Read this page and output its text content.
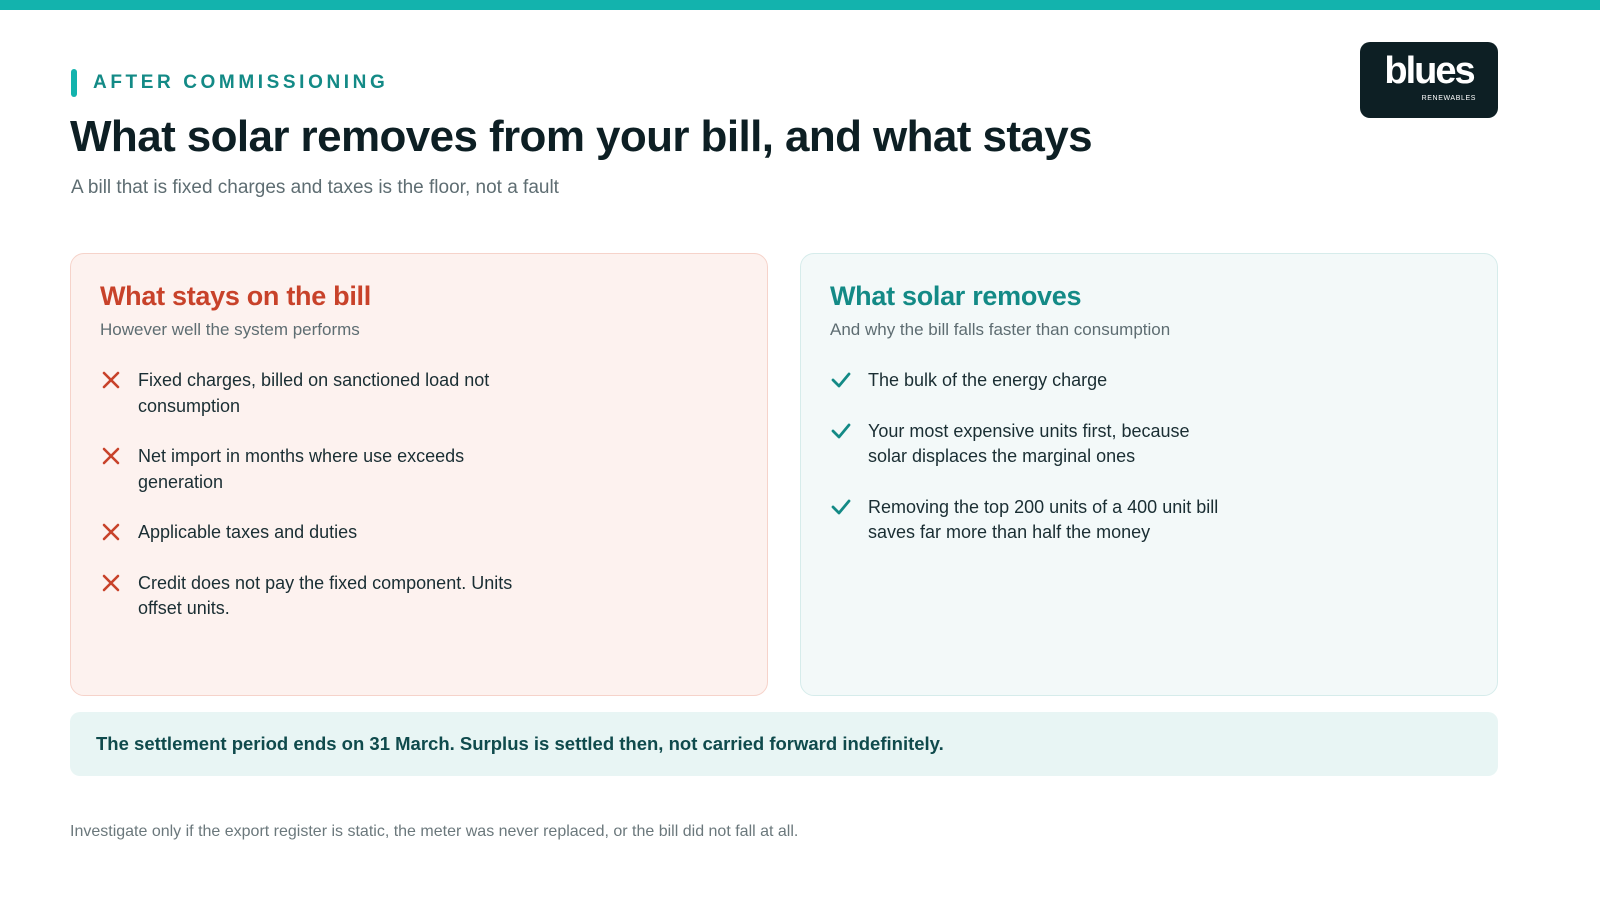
AFTER COMMISSIONING	blues
RENEWABLES
What solar removes from your bill, and what stays
A bill that is fixed charges and taxes is the floor, not a fault
What stays on the bill
However well the system performs
Fixed charges, billed on sanctioned load not consumption
Net import in months where use exceeds generation
Applicable taxes and duties
Credit does not pay the fixed component. Units offset units.
What solar removes
And why the bill falls faster than consumption
The bulk of the energy charge
Your most expensive units first, because solar displaces the marginal ones
Removing the top 200 units of a 400 unit bill saves far more than half the money
The settlement period ends on 31 March. Surplus is settled then, not carried forward indefinitely.
Investigate only if the export register is static, the meter was never replaced, or the bill did not fall at all.
